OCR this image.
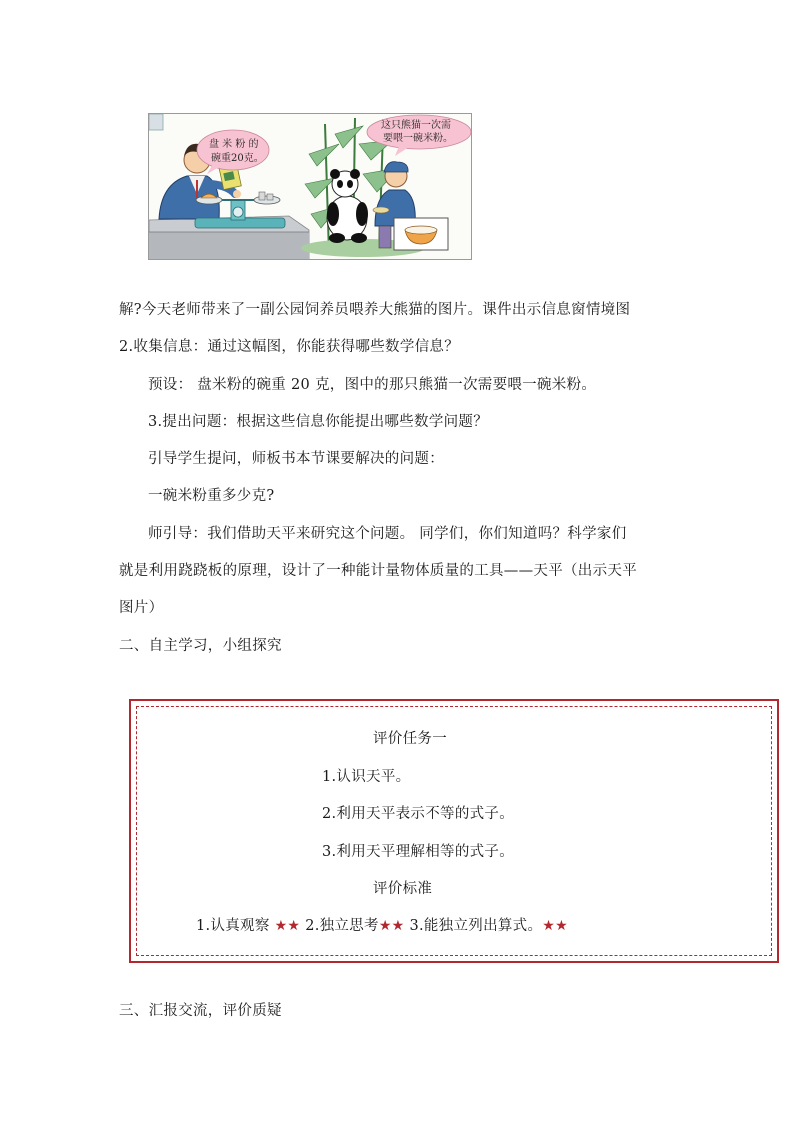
盘 米 粉 的
碗重20克。
这只熊猫一次需
要喂一碗米粉。
解?今天老师带来了一副公园饲养员喂养大熊猫的图片。课件出示信息窗情境图
2.收集信息：通过这幅图，你能获得哪些数学信息？
预设： 盘米粉的碗重 20 克，图中的那只熊猫一次需要喂一碗米粉。
3.提出问题：根据这些信息你能提出哪些数学问题？
引导学生提问，师板书本节课要解决的问题：
一碗米粉重多少克?
师引导：我们借助天平来研究这个问题。 同学们，你们知道吗？科学家们
就是利用跷跷板的原理，设计了一种能计量物体质量的工具——天平（出示天平
图片）
二、自主学习，小组探究
评价任务一
1.认识天平。
2.利用天平表示不等的式子。
3.利用天平理解相等的式子。
评价标准
1.认真观察 ★★ 2.独立思考★★ 3.能独立列出算式。★★
三、汇报交流，评价质疑
